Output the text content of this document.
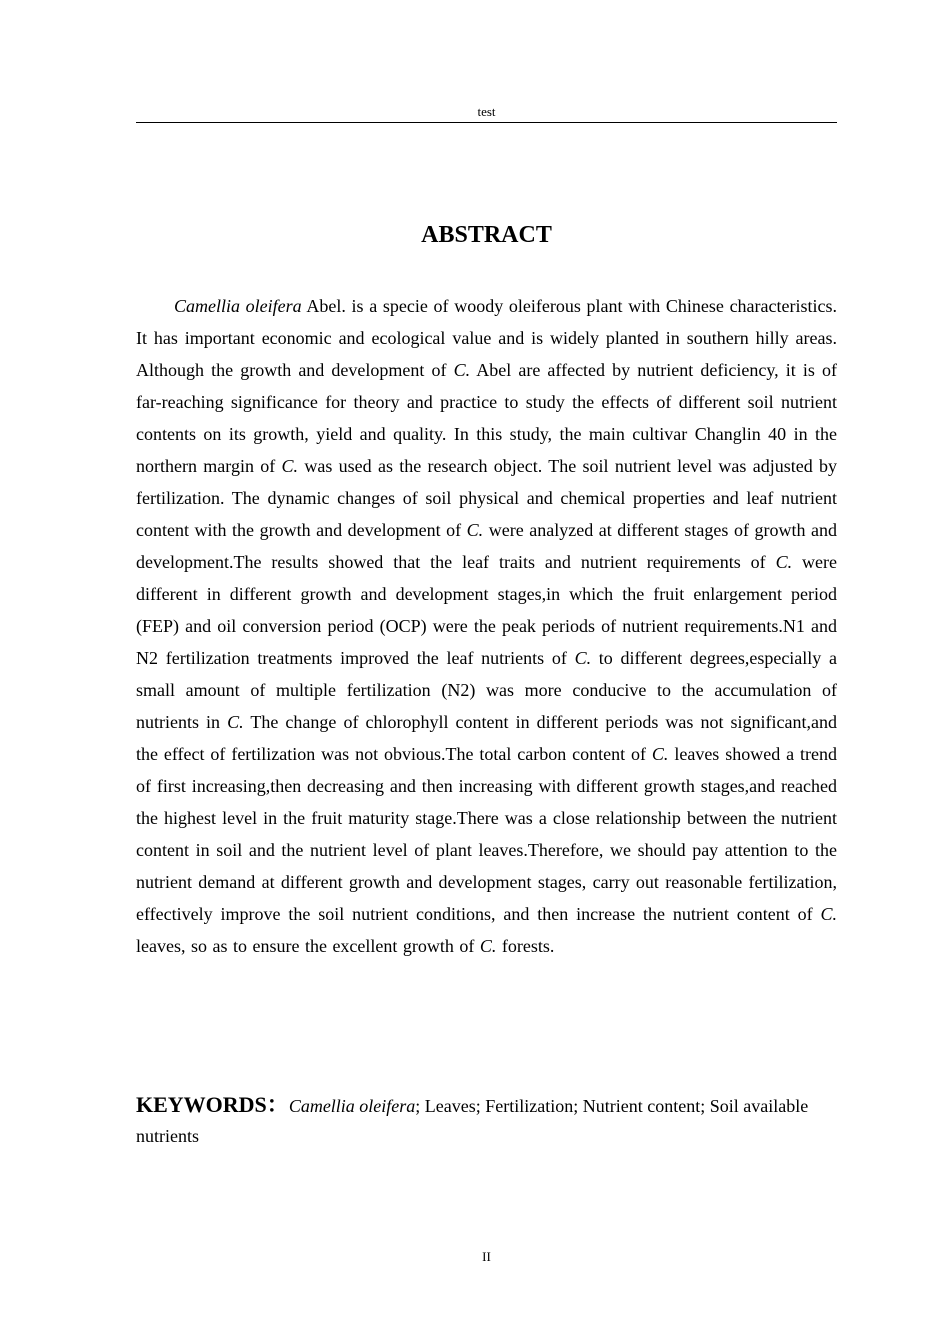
test
ABSTRACT

Camellia oleifera Abel. is a specie of woody oleiferous plant with Chinese characteristics. It has important economic and ecological value and is widely planted in southern hilly areas. Although the growth and development of C. Abel are affected by nutrient deficiency, it is of far-reaching significance for theory and practice to study the effects of different soil nutrient contents on its growth, yield and quality. In this study, the main cultivar Changlin 40 in the northern margin of C. was used as the research object. The soil nutrient level was adjusted by fertilization. The dynamic changes of soil physical and chemical properties and leaf nutrient content with the growth and development of C. were analyzed at different stages of growth and development.The results showed that the leaf traits and nutrient requirements of C. were different in different growth and development stages,in which the fruit enlargement period (FEP) and oil conversion period (OCP) were the peak periods of nutrient requirements.N1 and N2 fertilization treatments improved the leaf nutrients of C. to different degrees,especially a small amount of multiple fertilization (N2) was more conducive to the accumulation of nutrients in C. The change of chlorophyll content in different periods was not significant,and the effect of fertilization was not obvious.The total carbon content of C. leaves showed a trend of first increasing,then decreasing and then increasing with different growth stages,and reached the highest level in the fruit maturity stage.There was a close relationship between the nutrient content in soil and the nutrient level of plant leaves.Therefore, we should pay attention to the nutrient demand at different growth and development stages, carry out reasonable fertilization, effectively improve the soil nutrient conditions, and then increase the nutrient content of C. leaves, so as to ensure the excellent growth of C. forests.

KEYWORDS：Camellia oleifera; Leaves; Fertilization; Nutrient content; Soil available nutrients

II
